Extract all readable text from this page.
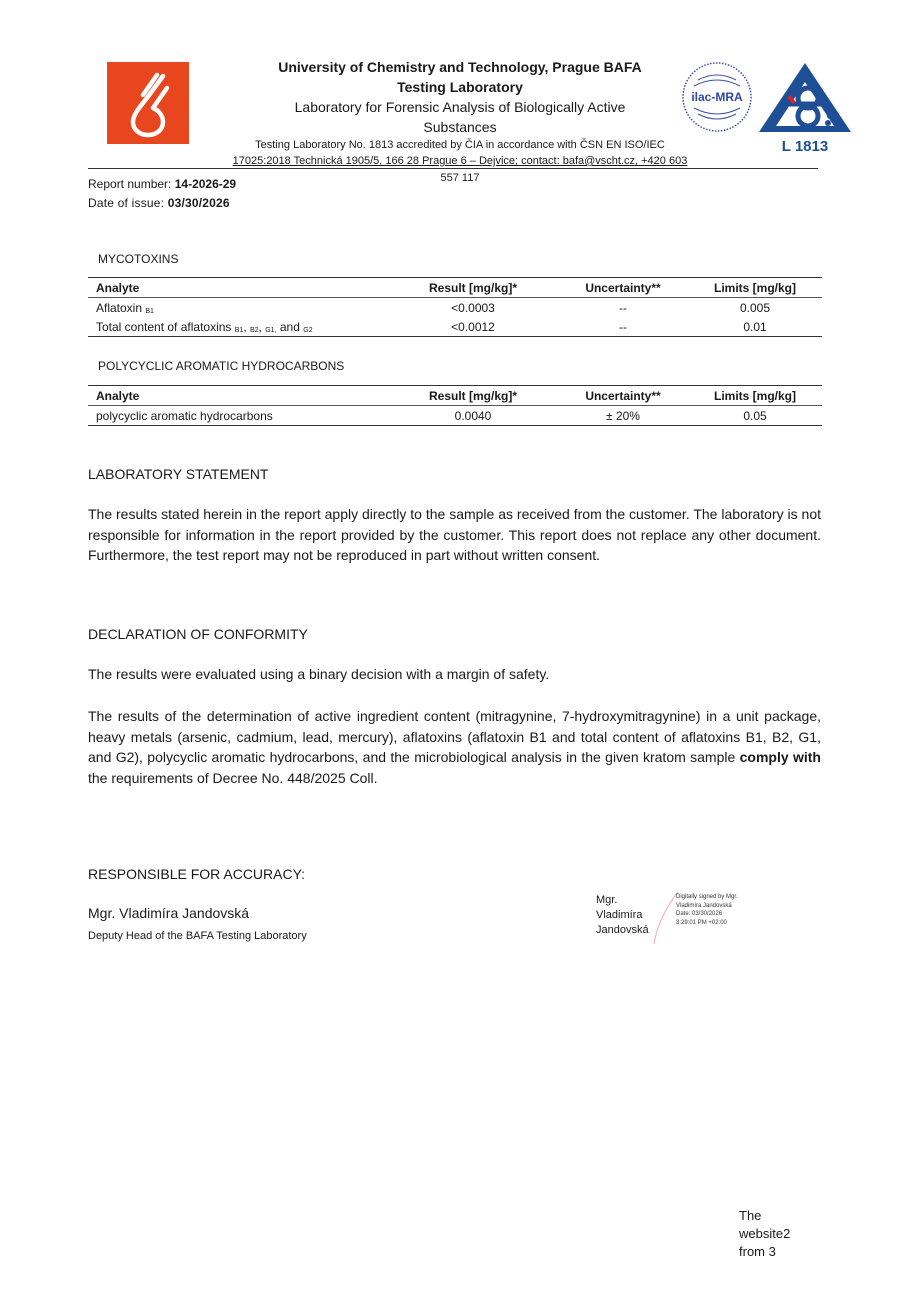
University of Chemistry and Technology, Prague BAFA
Testing Laboratory
Laboratory for Forensic Analysis of Biologically Active
Substances
Testing Laboratory No. 1813 accredited by ČIA in accordance with ČSN EN ISO/IEC
17025:2018 Technická 1905/5, 166 28 Prague 6 – Dejvice; contact: bafa@vscht.cz, +420 603
557 117
ilac-MRA
L 1813
Report number: 14-2026-29
Date of issue: 03/30/2026
MYCOTOXINS
Analyte	Result [mg/kg]*	Uncertainty**	Limits [mg/kg]
Aflatoxin B1	<0.0003	--	0.005
Total content of aflatoxins B1, B2, G1, and G2	<0.0012	--	0.01
POLYCYCLIC AROMATIC HYDROCARBONS
Analyte	Result [mg/kg]*	Uncertainty**	Limits [mg/kg]
polycyclic aromatic hydrocarbons	0.0040	± 20%	0.05
LABORATORY STATEMENT
The results stated herein in the report apply directly to the sample as received from the customer. The laboratory is not responsible for information in the report provided by the customer. This report does not replace any other document. Furthermore, the test report may not be reproduced in part without written consent.
DECLARATION OF CONFORMITY
The results were evaluated using a binary decision with a margin of safety.
The results of the determination of active ingredient content (mitragynine, 7-hydroxymitragynine) in a unit package, heavy metals (arsenic, cadmium, lead, mercury), aflatoxins (aflatoxin B1 and total content of aflatoxins B1, B2, G1, and G2), polycyclic aromatic hydrocarbons, and the microbiological analysis in the given kratom sample comply with the requirements of Decree No. 448/2025 Coll.
RESPONSIBLE FOR ACCURACY:
Mgr. Vladimíra Jandovská
Deputy Head of the BAFA Testing Laboratory
Mgr.
Vladimíra
Jandovská
Digitally signed by Mgr.
Vladimíra Jandovská
Date: 03/30/2026
3:29:01 PM +02:00
The
website2
from 3
